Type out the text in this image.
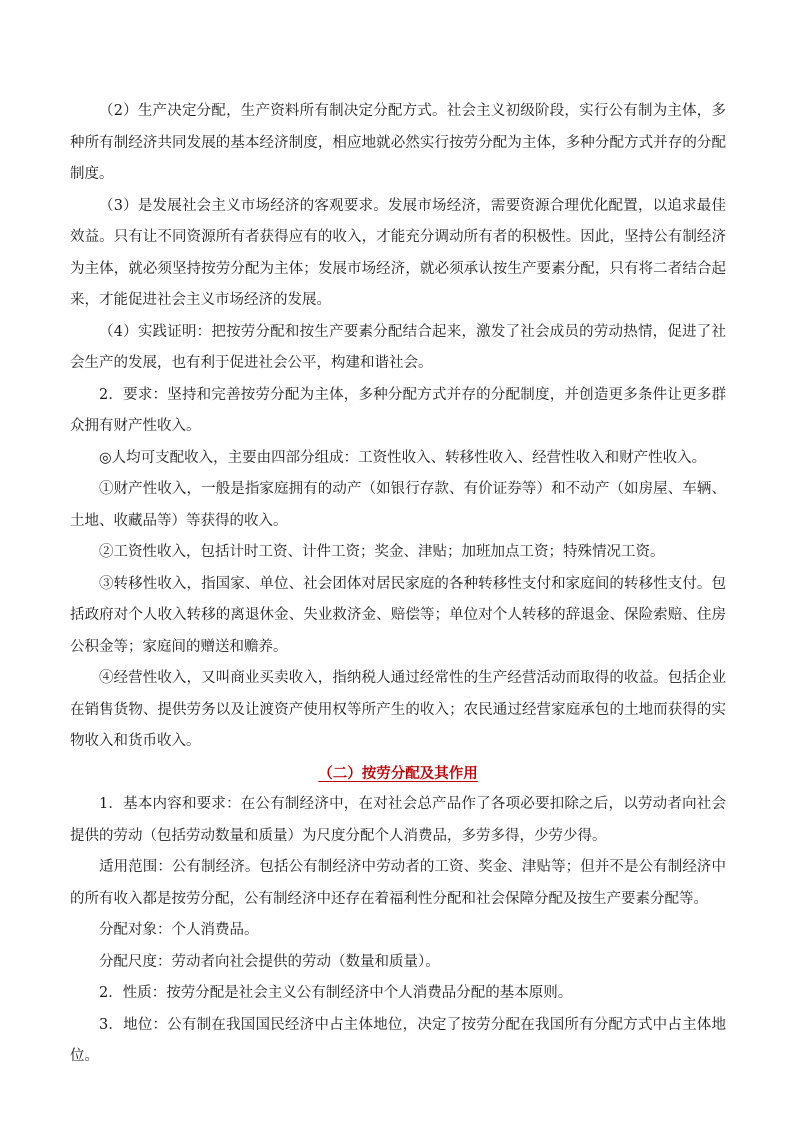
（2）生产决定分配，生产资料所有制决定分配方式。社会主义初级阶段，实行公有制为主体，多种所有制经济共同发展的基本经济制度，相应地就必然实行按劳分配为主体，多种分配方式并存的分配制度。

（3）是发展社会主义市场经济的客观要求。发展市场经济，需要资源合理优化配置，以追求最佳效益。只有让不同资源所有者获得应有的收入，才能充分调动所有者的积极性。因此，坚持公有制经济为主体，就必须坚持按劳分配为主体；发展市场经济，就必须承认按生产要素分配，只有将二者结合起来，才能促进社会主义市场经济的发展。

（4）实践证明：把按劳分配和按生产要素分配结合起来，激发了社会成员的劳动热情，促进了社会生产的发展，也有利于促进社会公平，构建和谐社会。

2．要求：坚持和完善按劳分配为主体，多种分配方式并存的分配制度，并创造更多条件让更多群众拥有财产性收入。

◎人均可支配收入，主要由四部分组成：工资性收入、转移性收入、经营性收入和财产性收入。

①财产性收入，一般是指家庭拥有的动产（如银行存款、有价证券等）和不动产（如房屋、车辆、土地、收藏品等）等获得的收入。

②工资性收入，包括计时工资、计件工资；奖金、津贴；加班加点工资；特殊情况工资。

③转移性收入，指国家、单位、社会团体对居民家庭的各种转移性支付和家庭间的转移性支付。包括政府对个人收入转移的离退休金、失业救济金、赔偿等；单位对个人转移的辞退金、保险索赔、住房公积金等；家庭间的赠送和赡养。

④经营性收入，又叫商业买卖收入，指纳税人通过经常性的生产经营活动而取得的收益。包括企业在销售货物、提供劳务以及让渡资产使用权等所产生的收入；农民通过经营家庭承包的土地而获得的实物收入和货币收入。

（二）按劳分配及其作用

1．基本内容和要求：在公有制经济中，在对社会总产品作了各项必要扣除之后，以劳动者向社会提供的劳动（包括劳动数量和质量）为尺度分配个人消费品，多劳多得，少劳少得。

适用范围：公有制经济。包括公有制经济中劳动者的工资、奖金、津贴等；但并不是公有制经济中的所有收入都是按劳分配，公有制经济中还存在着福利性分配和社会保障分配及按生产要素分配等。

分配对象：个人消费品。

分配尺度：劳动者向社会提供的劳动（数量和质量）。

2．性质：按劳分配是社会主义公有制经济中个人消费品分配的基本原则。

3．地位：公有制在我国国民经济中占主体地位，决定了按劳分配在我国所有分配方式中占主体地位。
